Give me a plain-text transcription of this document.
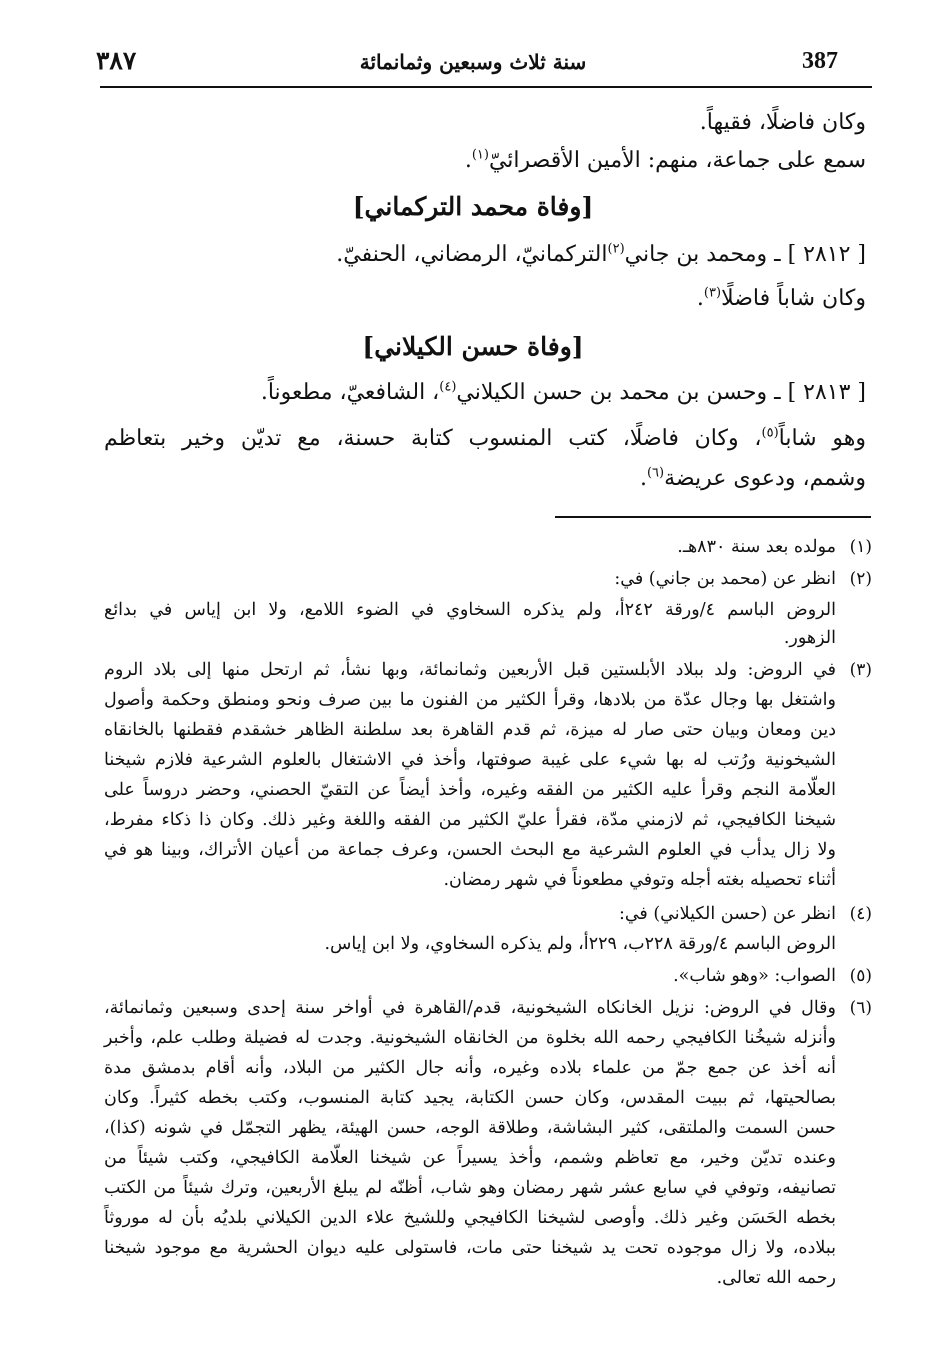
٣٨٧	سنة ثلاث وسبعين وثمانمائة	387
وكان فاضلًا، فقيهاً.
سمع على جماعة، منهم: الأمين الأقصرائيّ$^{(١)}$.
[وفاة محمد التركماني]
[ ٢٨١٢ ] ـ ومحمد بن جاني$^{(٢)}$التركمانيّ، الرمضاني، الحنفيّ.
وكان شاباً فاضلًا$^{(٣)}$.
[وفاة حسن الكيلاني]
[ ٢٨١٣ ] ـ وحسن بن محمد بن حسن الكيلاني$^{(٤)}$، الشافعيّ، مطعوناً.
وهو شاباً$^{(٥)}$، وكان فاضلًا، كتب المنسوب كتابة حسنة، مع تديّن وخير بتعاظم
وشمم، ودعوى عريضة$^{(٦)}$.
(١)
مولده بعد سنة ٨٣٠هـ.
(٢)
انظر عن (محمد بن جاني) في:
الروض الباسم ٤/ورقة ٢٤٢أ، ولم يذكره السخاوي في الضوء اللامع، ولا ابن إياس في بدائع
الزهور.
(٣)
في الروض: ولد ببلاد الأبلستين قبل الأربعين وثمانمائة، وبها نشأ، ثم ارتحل منها إلى بلاد الروم
واشتغل بها وجال عدّة من بلادها، وقرأ الكثير من الفنون ما بين صرف ونحو ومنطق وحكمة وأصول
دين ومعان وبيان حتى صار له ميزة، ثم قدم القاهرة بعد سلطنة الظاهر خشقدم فقطنها بالخانقاه
الشيخونية ورُتب له بها شيء على غيبة صوفتها، وأخذ في الاشتغال بالعلوم الشرعية فلازم شيخنا
العلّامة النجم وقرأ عليه الكثير من الفقه وغيره، وأخذ أيضاً عن التقيّ الحصني، وحضر دروساً على
شيخنا الكافيجي، ثم لازمني مدّة، فقرأ عليّ الكثير من الفقه واللغة وغير ذلك. وكان ذا ذكاء مفرط،
ولا زال يدأب في العلوم الشرعية مع البحث الحسن، وعرف جماعة من أعيان الأتراك، وبينا هو في
أثناء تحصيله بغته أجله وتوفي مطعوناً في شهر رمضان.
(٤)
انظر عن (حسن الكيلاني) في:
الروض الباسم ٤/ورقة ٢٢٨ب، ٢٢٩أ، ولم يذكره السخاوي، ولا ابن إياس.
(٥)
الصواب: «وهو شاب».
(٦)
وقال في الروض: نزيل الخانكاه الشيخونية، قدم/القاهرة في أواخر سنة إحدى وسبعين وثمانمائة،
وأنزله شيخُنا الكافيجي رحمه الله بخلوة من الخانقاه الشيخونية. وجدت له فضيلة وطلب علم، وأخبر
أنه أخذ عن جمع جمّ من علماء بلاده وغيره، وأنه جال الكثير من البلاد، وأنه أقام بدمشق مدة
بصالحيتها، ثم ببيت المقدس، وكان حسن الكتابة، يجيد كتابة المنسوب، وكتب بخطه كثيراً. وكان
حسن السمت والملتقى، كثير البشاشة، وطلاقة الوجه، حسن الهيئة، يظهر التجمّل في شونه (كذا)،
وعنده تديّن وخير، مع تعاظم وشمم، وأخذ يسيراً عن شيخنا العلّامة الكافيجي، وكتب شيئاً من
تصانيفه، وتوفي في سابع عشر شهر رمضان وهو شاب، أظنّه لم يبلغ الأربعين، وترك شيئاً من الكتب
بخطه الحَسَن وغير ذلك. وأوصى لشيخنا الكافيجي وللشيخ علاء الدين الكيلاني بلديُه بأن له موروثاً
ببلاده، ولا زال موجوده تحت يد شيخنا حتى مات، فاستولى عليه ديوان الحشرية مع موجود شيخنا
رحمه الله تعالى.
